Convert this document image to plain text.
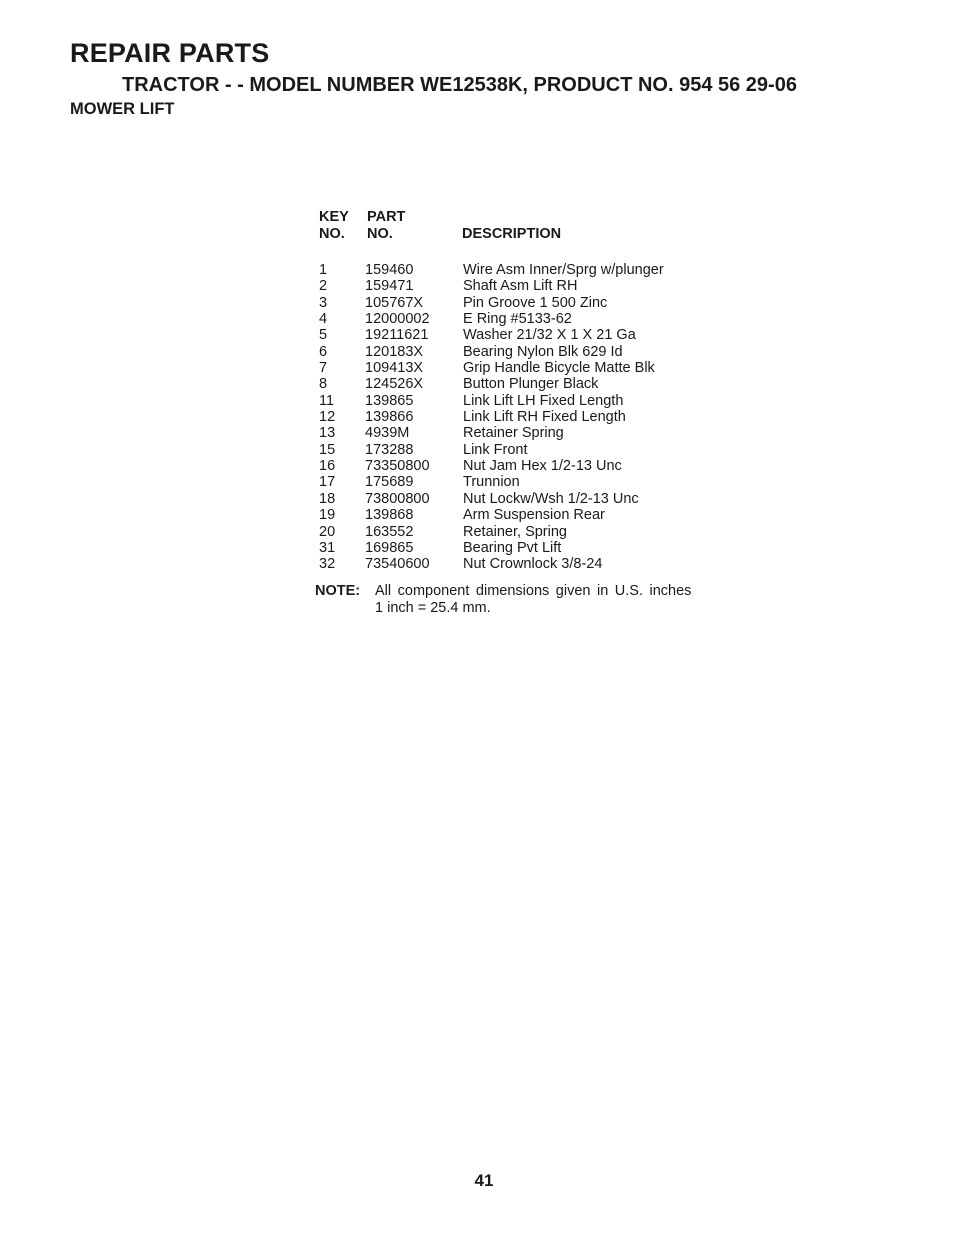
REPAIR PARTS
TRACTOR - - MODEL NUMBER WE12538K, PRODUCT NO. 954 56 29-06
MOWER LIFT
KEY
NO.
PART
NO.	DESCRIPTION
1	159460	Wire Asm Inner/Sprg w/plunger
2	159471	Shaft Asm Lift RH
3	105767X	Pin Groove 1 500 Zinc
4	12000002 E Ring #5133-62
5	19211621 Washer 21/32 X 1 X 21 Ga
6	120183X	Bearing Nylon Blk 629 Id
7	109413X	Grip Handle Bicycle Matte Blk
8	124526X	Button Plunger Black
11 139865	Link Lift LH Fixed Length
12 139866	Link Lift RH Fixed Length
13 4939M	Retainer Spring
15 173288	Link Front
16 73350800 Nut Jam Hex 1/2-13 Unc
17 175689	Trunnion
18 73800800 Nut Lockw/Wsh 1/2-13 Unc
19 139868	Arm Suspension Rear
20 163552	Retainer, Spring
31 169865	Bearing Pvt Lift
32 73540600 Nut Crownlock 3/8-24
NOTE: All component dimensions given in U.S. inches
1 inch = 25.4 mm.
41
